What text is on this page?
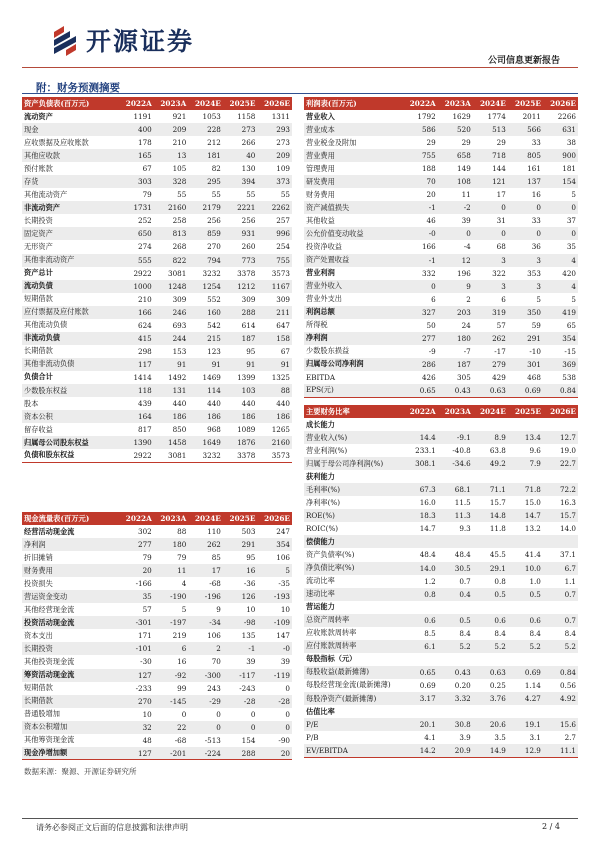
开源证券
公司信息更新报告
附：财务预测摘要
资产负债表(百万元)	2022A	2023A	2024E	2025E	2026E
流动资产	1191	921	1053	1158	1311
现金	400	209	228	273	293
应收票据及应收账款	178	210	212	266	273
其他应收款	165	13	181	40	209
预付账款	67	105	82	130	109
存货	303	328	295	394	373
其他流动资产	79	55	55	55	55
非流动资产	1731	2160	2179	2221	2262
长期投资	252	258	256	256	257
固定资产	650	813	859	931	996
无形资产	274	268	270	260	254
其他非流动资产	555	822	794	773	755
资产总计	2922	3081	3232	3378	3573
流动负债	1000	1248	1254	1212	1167
短期借款	210	309	552	309	309
应付票据及应付账款	166	246	160	288	211
其他流动负债	624	693	542	614	647
非流动负债	415	244	215	187	158
长期借款	298	153	123	95	67
其他非流动负债	117	91	91	91	91
负债合计	1414	1492	1469	1399	1325
少数股东权益	118	131	114	103	88
股本	439	440	440	440	440
资本公积	164	186	186	186	186
留存收益	817	850	968	1089	1265
归属母公司股东权益	1390	1458	1649	1876	2160
负债和股东权益	2922	3081	3232	3378	3573
现金流量表(百万元)	2022A	2023A	2024E	2025E	2026E
经营活动现金流	302	88	110	503	247
净利润	277	180	262	291	354
折旧摊销	79	79	85	95	106
财务费用	20	11	17	16	5
投资损失	-166	4	-68	-36	-35
营运资金变动	35	-190	-196	126	-193
其他经营现金流	57	5	9	10	10
投资活动现金流	-301	-197	-34	-98	-109
资本支出	171	219	106	135	147
长期投资	-101	6	2	-1	-0
其他投资现金流	-30	16	70	39	39
筹资活动现金流	127	-92	-300	-117	-119
短期借款	-233	99	243	-243	0
长期借款	270	-145	-29	-28	-28
普通股增加	10	0	0	0	0
资本公积增加	32	22	0	0	0
其他筹资现金流	48	-68	-513	154	-90
现金净增加额	127	-201	-224	288	20
利润表(百万元)	2022A	2023A	2024E	2025E	2026E
营业收入	1792	1629	1774	2011	2266
营业成本	586	520	513	566	631
营业税金及附加	29	29	29	33	38
营业费用	755	658	718	805	900
管理费用	188	149	144	161	181
研发费用	70	108	121	137	154
财务费用	20	11	17	16	5
资产减值损失	-1	-2	0	0	0
其他收益	46	39	31	33	37
公允价值变动收益	-0	0	0	0	0
投资净收益	166	-4	68	36	35
资产处置收益	-1	12	3	3	4
营业利润	332	196	322	353	420
营业外收入	0	9	3	3	4
营业外支出	6	2	6	5	5
利润总额	327	203	319	350	419
所得税	50	24	57	59	65
净利润	277	180	262	291	354
少数股东损益	-9	-7	-17	-10	-15
归属母公司净利润	286	187	279	301	369
EBITDA	426	305	429	468	538
EPS(元)	0.65	0.43	0.63	0.69	0.84
主要财务比率	2022A	2023A	2024E	2025E	2026E
成长能力					
营业收入(%)	14.4	-9.1	8.9	13.4	12.7
营业利润(%)	233.1	-40.8	63.8	9.6	19.0
归属于母公司净利润(%)	308.1	-34.6	49.2	7.9	22.7
获利能力					
毛利率(%)	67.3	68.1	71.1	71.8	72.2
净利率(%)	16.0	11.5	15.7	15.0	16.3
ROE(%)	18.3	11.3	14.8	14.7	15.7
ROIC(%)	14.7	9.3	11.8	13.2	14.0
偿债能力					
资产负债率(%)	48.4	48.4	45.5	41.4	37.1
净负债比率(%)	14.0	30.5	29.1	10.0	6.7
流动比率	1.2	0.7	0.8	1.0	1.1
速动比率	0.8	0.4	0.5	0.5	0.7
营运能力					
总资产周转率	0.6	0.5	0.6	0.6	0.7
应收账款周转率	8.5	8.4	8.4	8.4	8.4
应付账款周转率	6.1	5.2	5.2	5.2	5.2
每股指标（元）					
每股收益(最新摊薄)	0.65	0.43	0.63	0.69	0.84
每股经营现金流(最新摊薄)	0.69	0.20	0.25	1.14	0.56
每股净资产(最新摊薄)	3.17	3.32	3.76	4.27	4.92
估值比率					
P/E	20.1	30.8	20.6	19.1	15.6
P/B	4.1	3.9	3.5	3.1	2.7
EV/EBITDA	14.2	20.9	14.9	12.9	11.1
数据来源：聚源、开源证券研究所
请务必参阅正文后面的信息披露和法律声明	2 / 4
